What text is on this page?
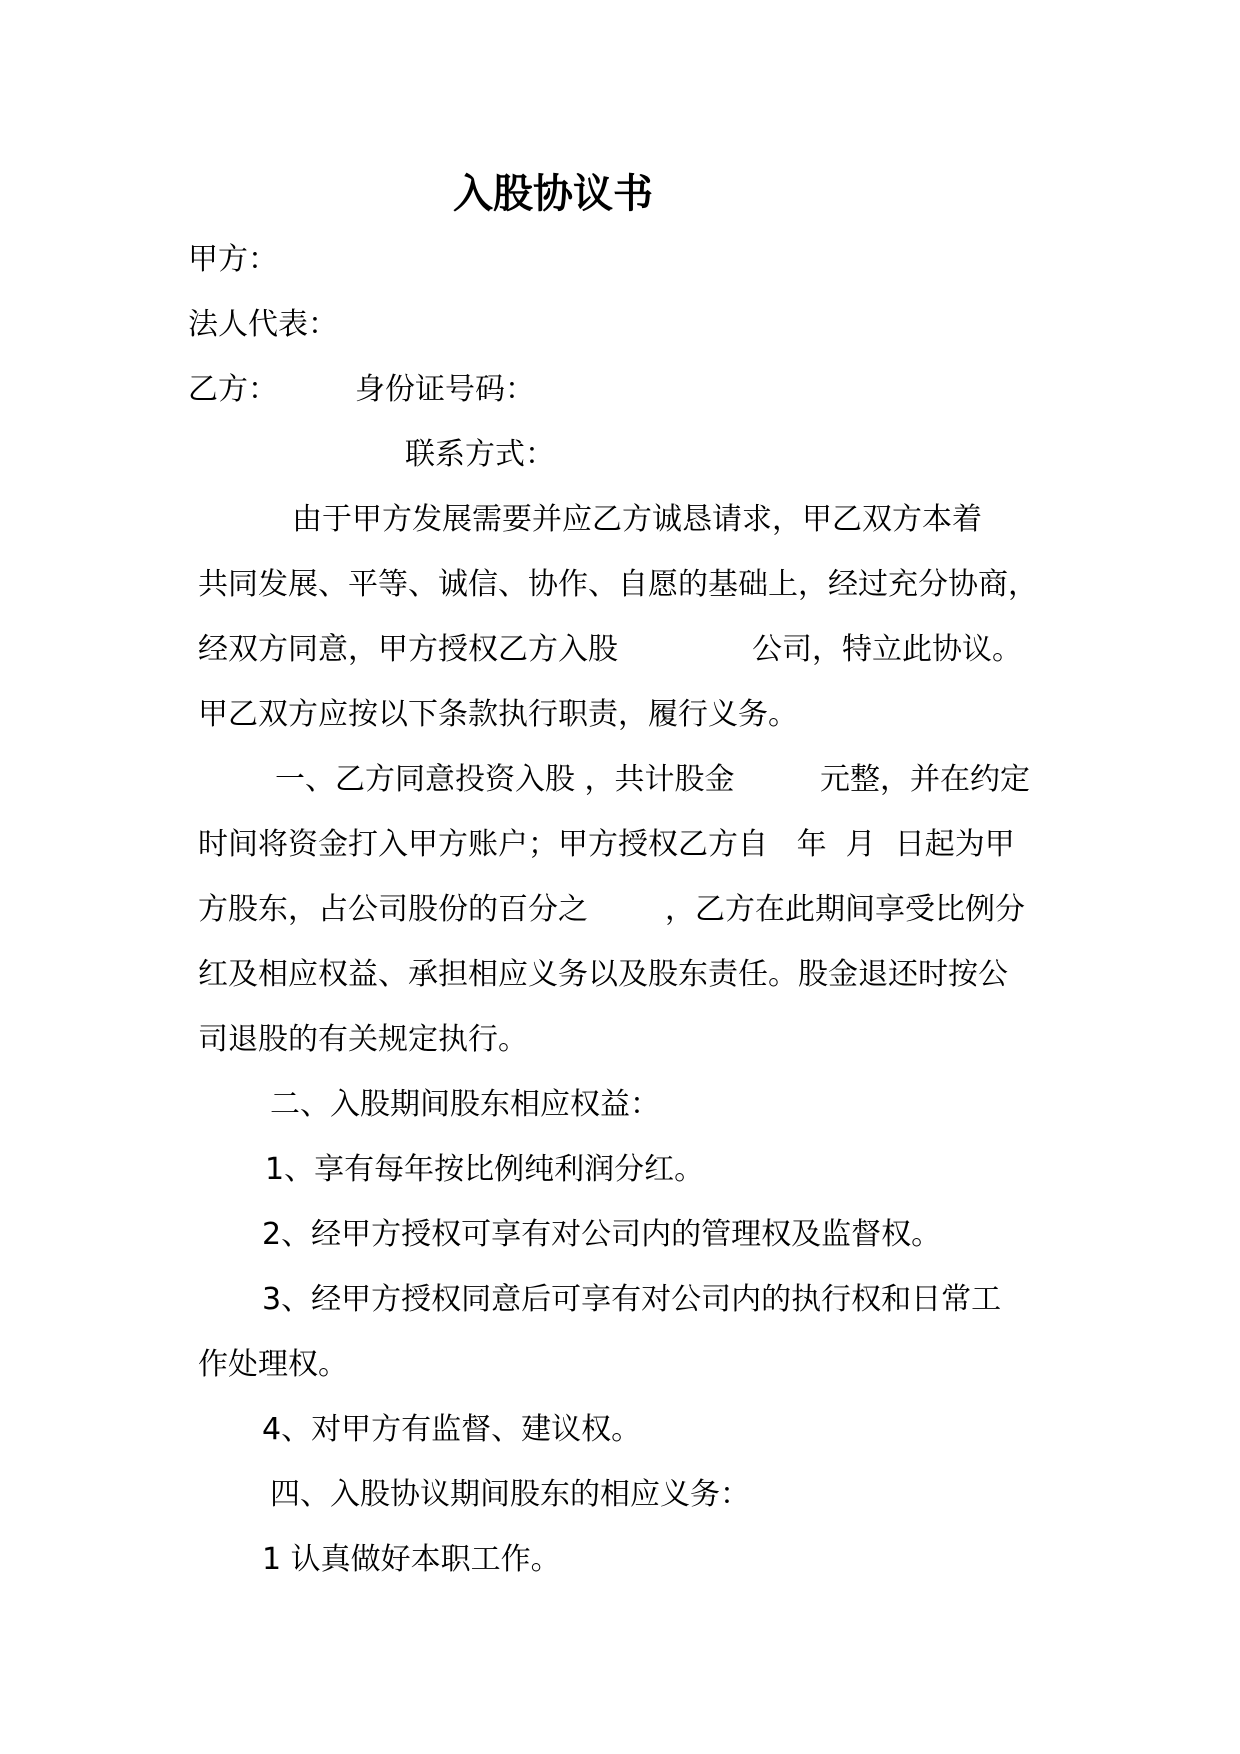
入股协议书

甲方：

法人代表：

乙方：	身份证号码：

联系方式：

由于甲方发展需要并应乙方诚恳请求，甲乙双方本着

共同发展、平等、诚信、协作、自愿的基础上，经过充分协商，

经双方同意，甲方授权乙方入股	公司，特立此协议。

甲乙双方应按以下条款执行职责，履行义务。

一、乙方同意投资入股 ，共计股金	元整，并在约定

时间将资金打入甲方账户；甲方授权乙方自   年  月  日起为甲

方股东，占公司股份的百分之	，乙方在此期间享受比例分

红及相应权益、承担相应义务以及股东责任。股金退还时按公

司退股的有关规定执行。

二、入股期间股东相应权益：

1、享有每年按比例纯利润分红。

2、经甲方授权可享有对公司内的管理权及监督权。

3、经甲方授权同意后可享有对公司内的执行权和日常工

作处理权。

4、对甲方有监督、建议权。

四、入股协议期间股东的相应义务：

1 认真做好本职工作。
